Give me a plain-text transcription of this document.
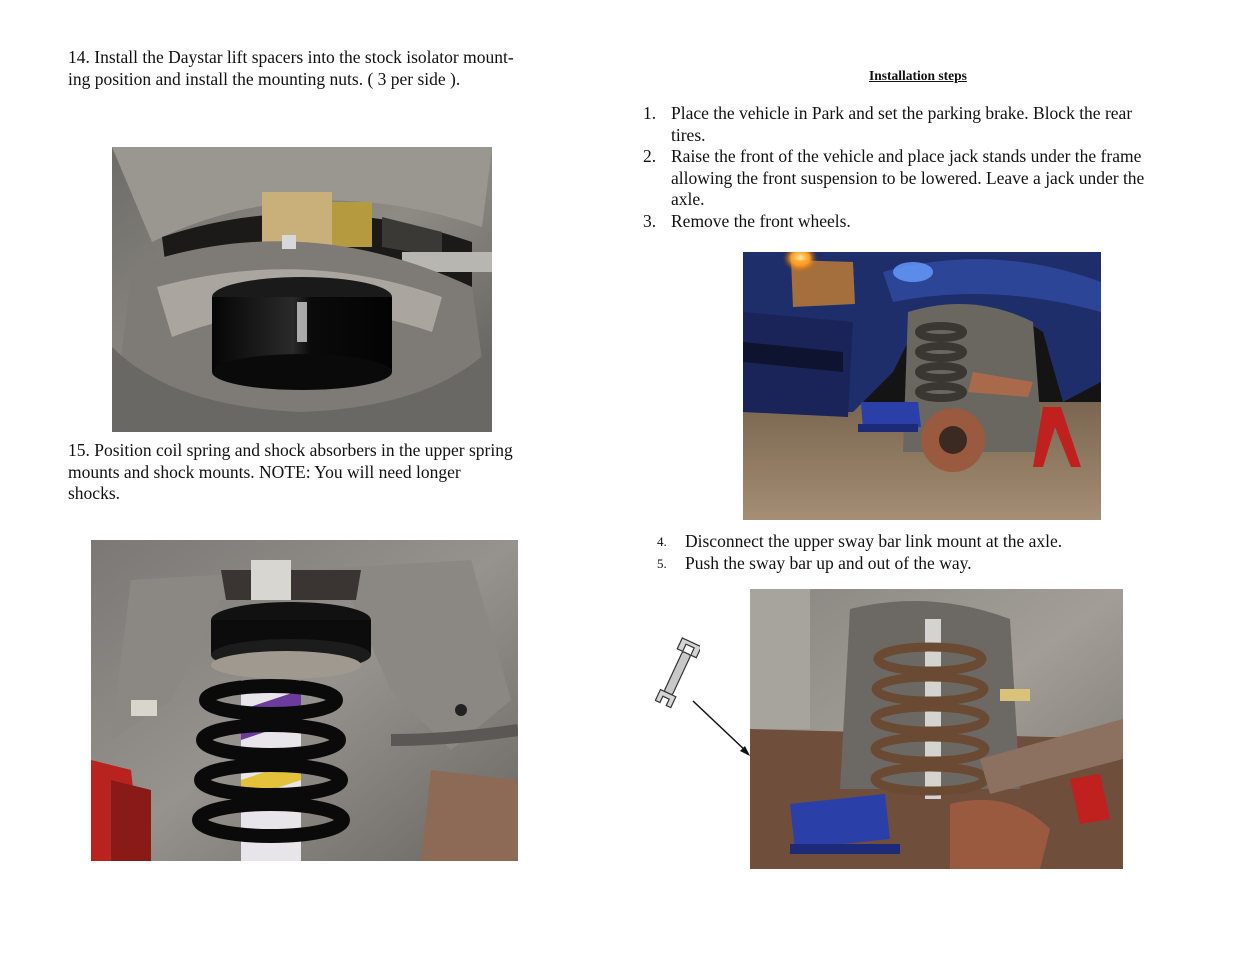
14. Install the Daystar lift spacers into the stock isolator mount-
ing position and install the mounting nuts. ( 3 per side ).
15. Position coil spring and shock absorbers in the upper spring
mounts and shock mounts. NOTE: You will need longer
shocks.
Installation steps
1. Place the vehicle in Park and set the parking brake. Block the rear
tires.
2. Raise the front of the vehicle and place jack stands under the frame
allowing the front suspension to be lowered. Leave a jack under the
axle.
3. Remove the front wheels.
4. Disconnect the upper sway bar link mount at the axle.
5. Push the sway bar up and out of the way.
